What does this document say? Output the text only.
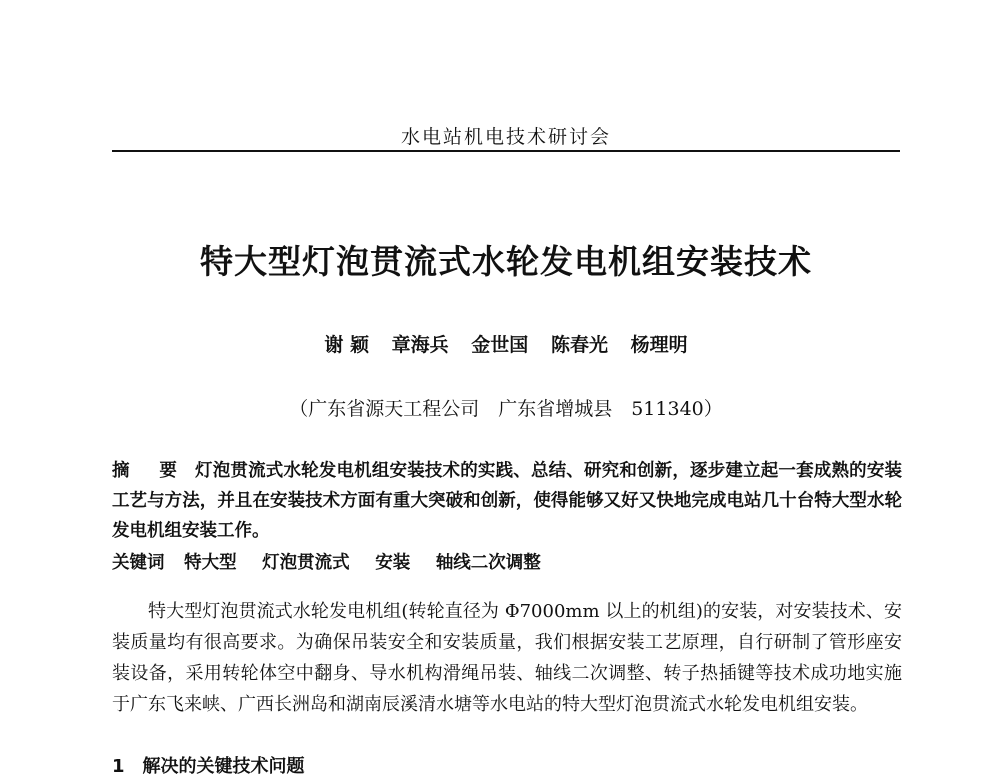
水电站机电技术研讨会
特大型灯泡贯流式水轮发电机组安装技术
谢 颖 章海兵 金世国 陈春光 杨理明
（广东省源天工程公司　广东省增城县　511340）
摘　要 灯泡贯流式水轮发电机组安装技术的实践、总结、研究和创新，逐步建立起一套成熟的安装工艺与方法，并且在安装技术方面有重大突破和创新，使得能够又好又快地完成电站几十台特大型水轮发电机组安装工作。
关键词 特大型 灯泡贯流式 安装 轴线二次调整
特大型灯泡贯流式水轮发电机组(转轮直径为 Φ7000mm 以上的机组)的安装，对安装技术、安装质量均有很高要求。为确保吊装安全和安装质量，我们根据安装工艺原理，自行研制了管形座安装设备，采用转轮体空中翻身、导水机构滑绳吊装、轴线二次调整、转子热插键等技术成功地实施于广东飞来峡、广西长洲岛和湖南辰溪清水塘等水电站的特大型灯泡贯流式水轮发电机组安装。
1　解决的关键技术问题
